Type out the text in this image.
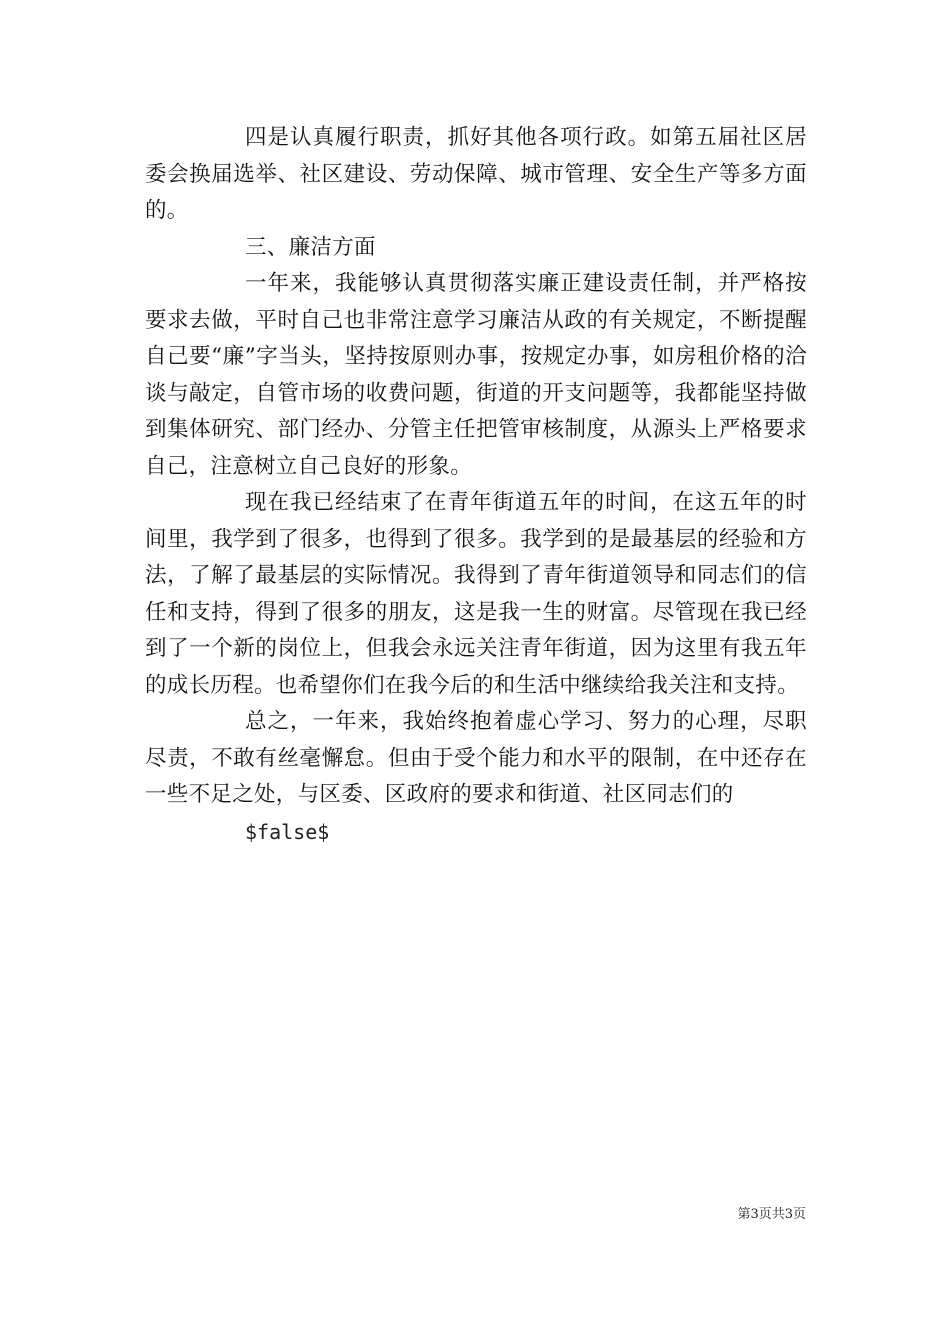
四是认真履行职责，抓好其他各项行政。如第五届社区居委会换届选举、社区建设、劳动保障、城市管理、安全生产等多方面的。

三、廉洁方面

一年来，我能够认真贯彻落实廉正建设责任制，并严格按要求去做，平时自己也非常注意学习廉洁从政的有关规定，不断提醒自己要“廉”字当头，坚持按原则办事，按规定办事，如房租价格的洽谈与敲定，自管市场的收费问题，街道的开支问题等，我都能坚持做到集体研究、部门经办、分管主任把管审核制度，从源头上严格要求自己，注意树立自己良好的形象。

现在我已经结束了在青年街道五年的时间，在这五年的时间里，我学到了很多，也得到了很多。我学到的是最基层的经验和方法，了解了最基层的实际情况。我得到了青年街道领导和同志们的信任和支持，得到了很多的朋友，这是我一生的财富。尽管现在我已经到了一个新的岗位上，但我会永远关注青年街道，因为这里有我五年的成长历程。也希望你们在我今后的和生活中继续给我关注和支持。

总之，一年来，我始终抱着虚心学习、努力的心理，尽职尽责，不敢有丝毫懈怠。但由于受个能力和水平的限制，在中还存在一些不足之处，与区委、区政府的要求和街道、社区同志们的

$false$

第3页共3页
